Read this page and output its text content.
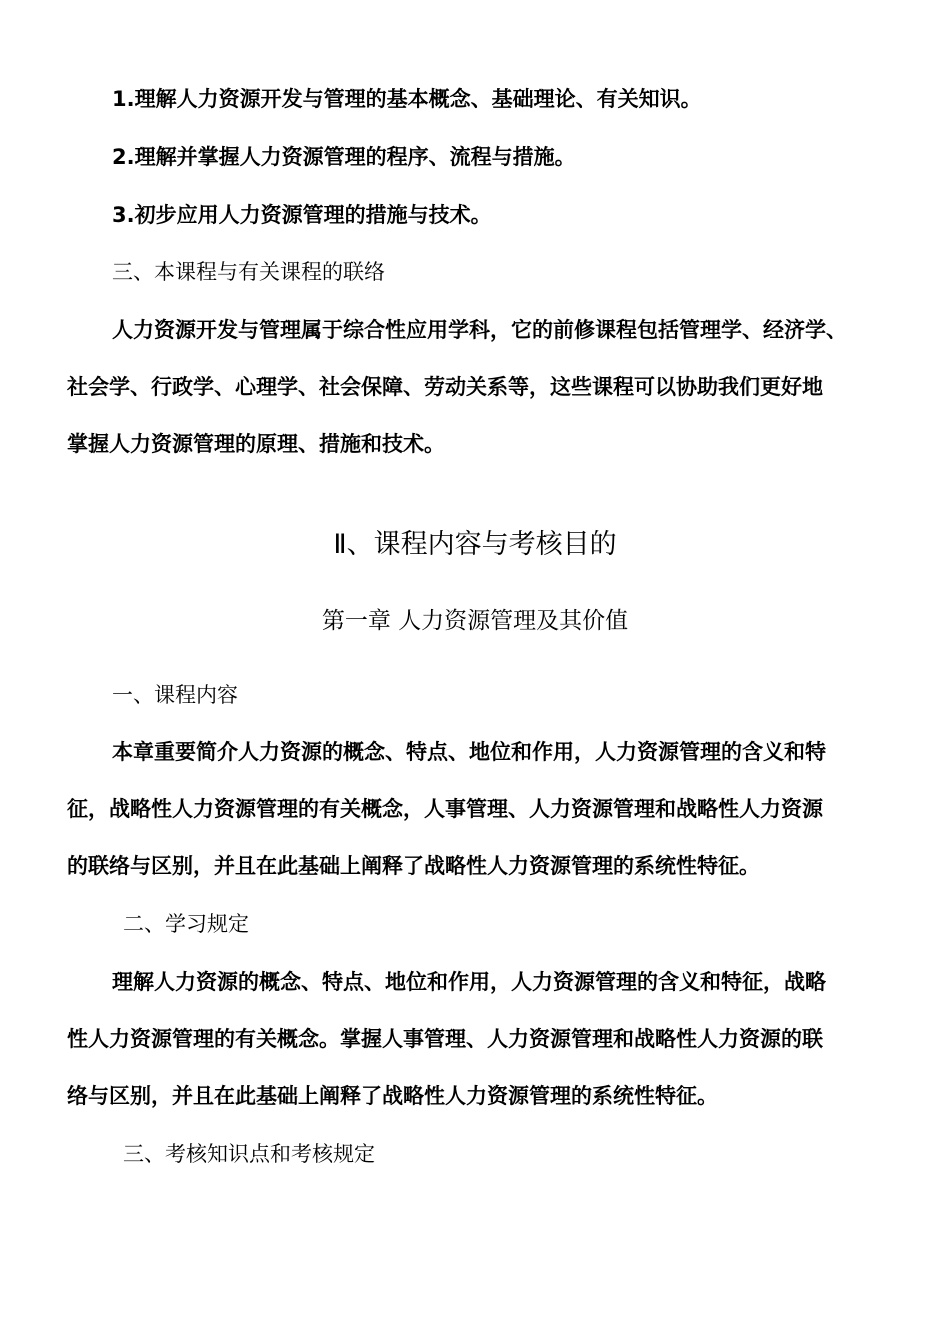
1.理解人力资源开发与管理的基本概念、基础理论、有关知识。
2.理解并掌握人力资源管理的程序、流程与措施。
3.初步应用人力资源管理的措施与技术。
三、本课程与有关课程的联络
人力资源开发与管理属于综合性应用学科，它的前修课程包括管理学、经济学、
社会学、行政学、心理学、社会保障、劳动关系等，这些课程可以协助我们更好地
掌握人力资源管理的原理、措施和技术。
Ⅱ、课程内容与考核目的
第一章 人力资源管理及其价值
一、课程内容
本章重要简介人力资源的概念、特点、地位和作用，人力资源管理的含义和特
征，战略性人力资源管理的有关概念，人事管理、人力资源管理和战略性人力资源
的联络与区别，并且在此基础上阐释了战略性人力资源管理的系统性特征。
二、学习规定
理解人力资源的概念、特点、地位和作用，人力资源管理的含义和特征，战略
性人力资源管理的有关概念。掌握人事管理、人力资源管理和战略性人力资源的联
络与区别，并且在此基础上阐释了战略性人力资源管理的系统性特征。
三、考核知识点和考核规定
